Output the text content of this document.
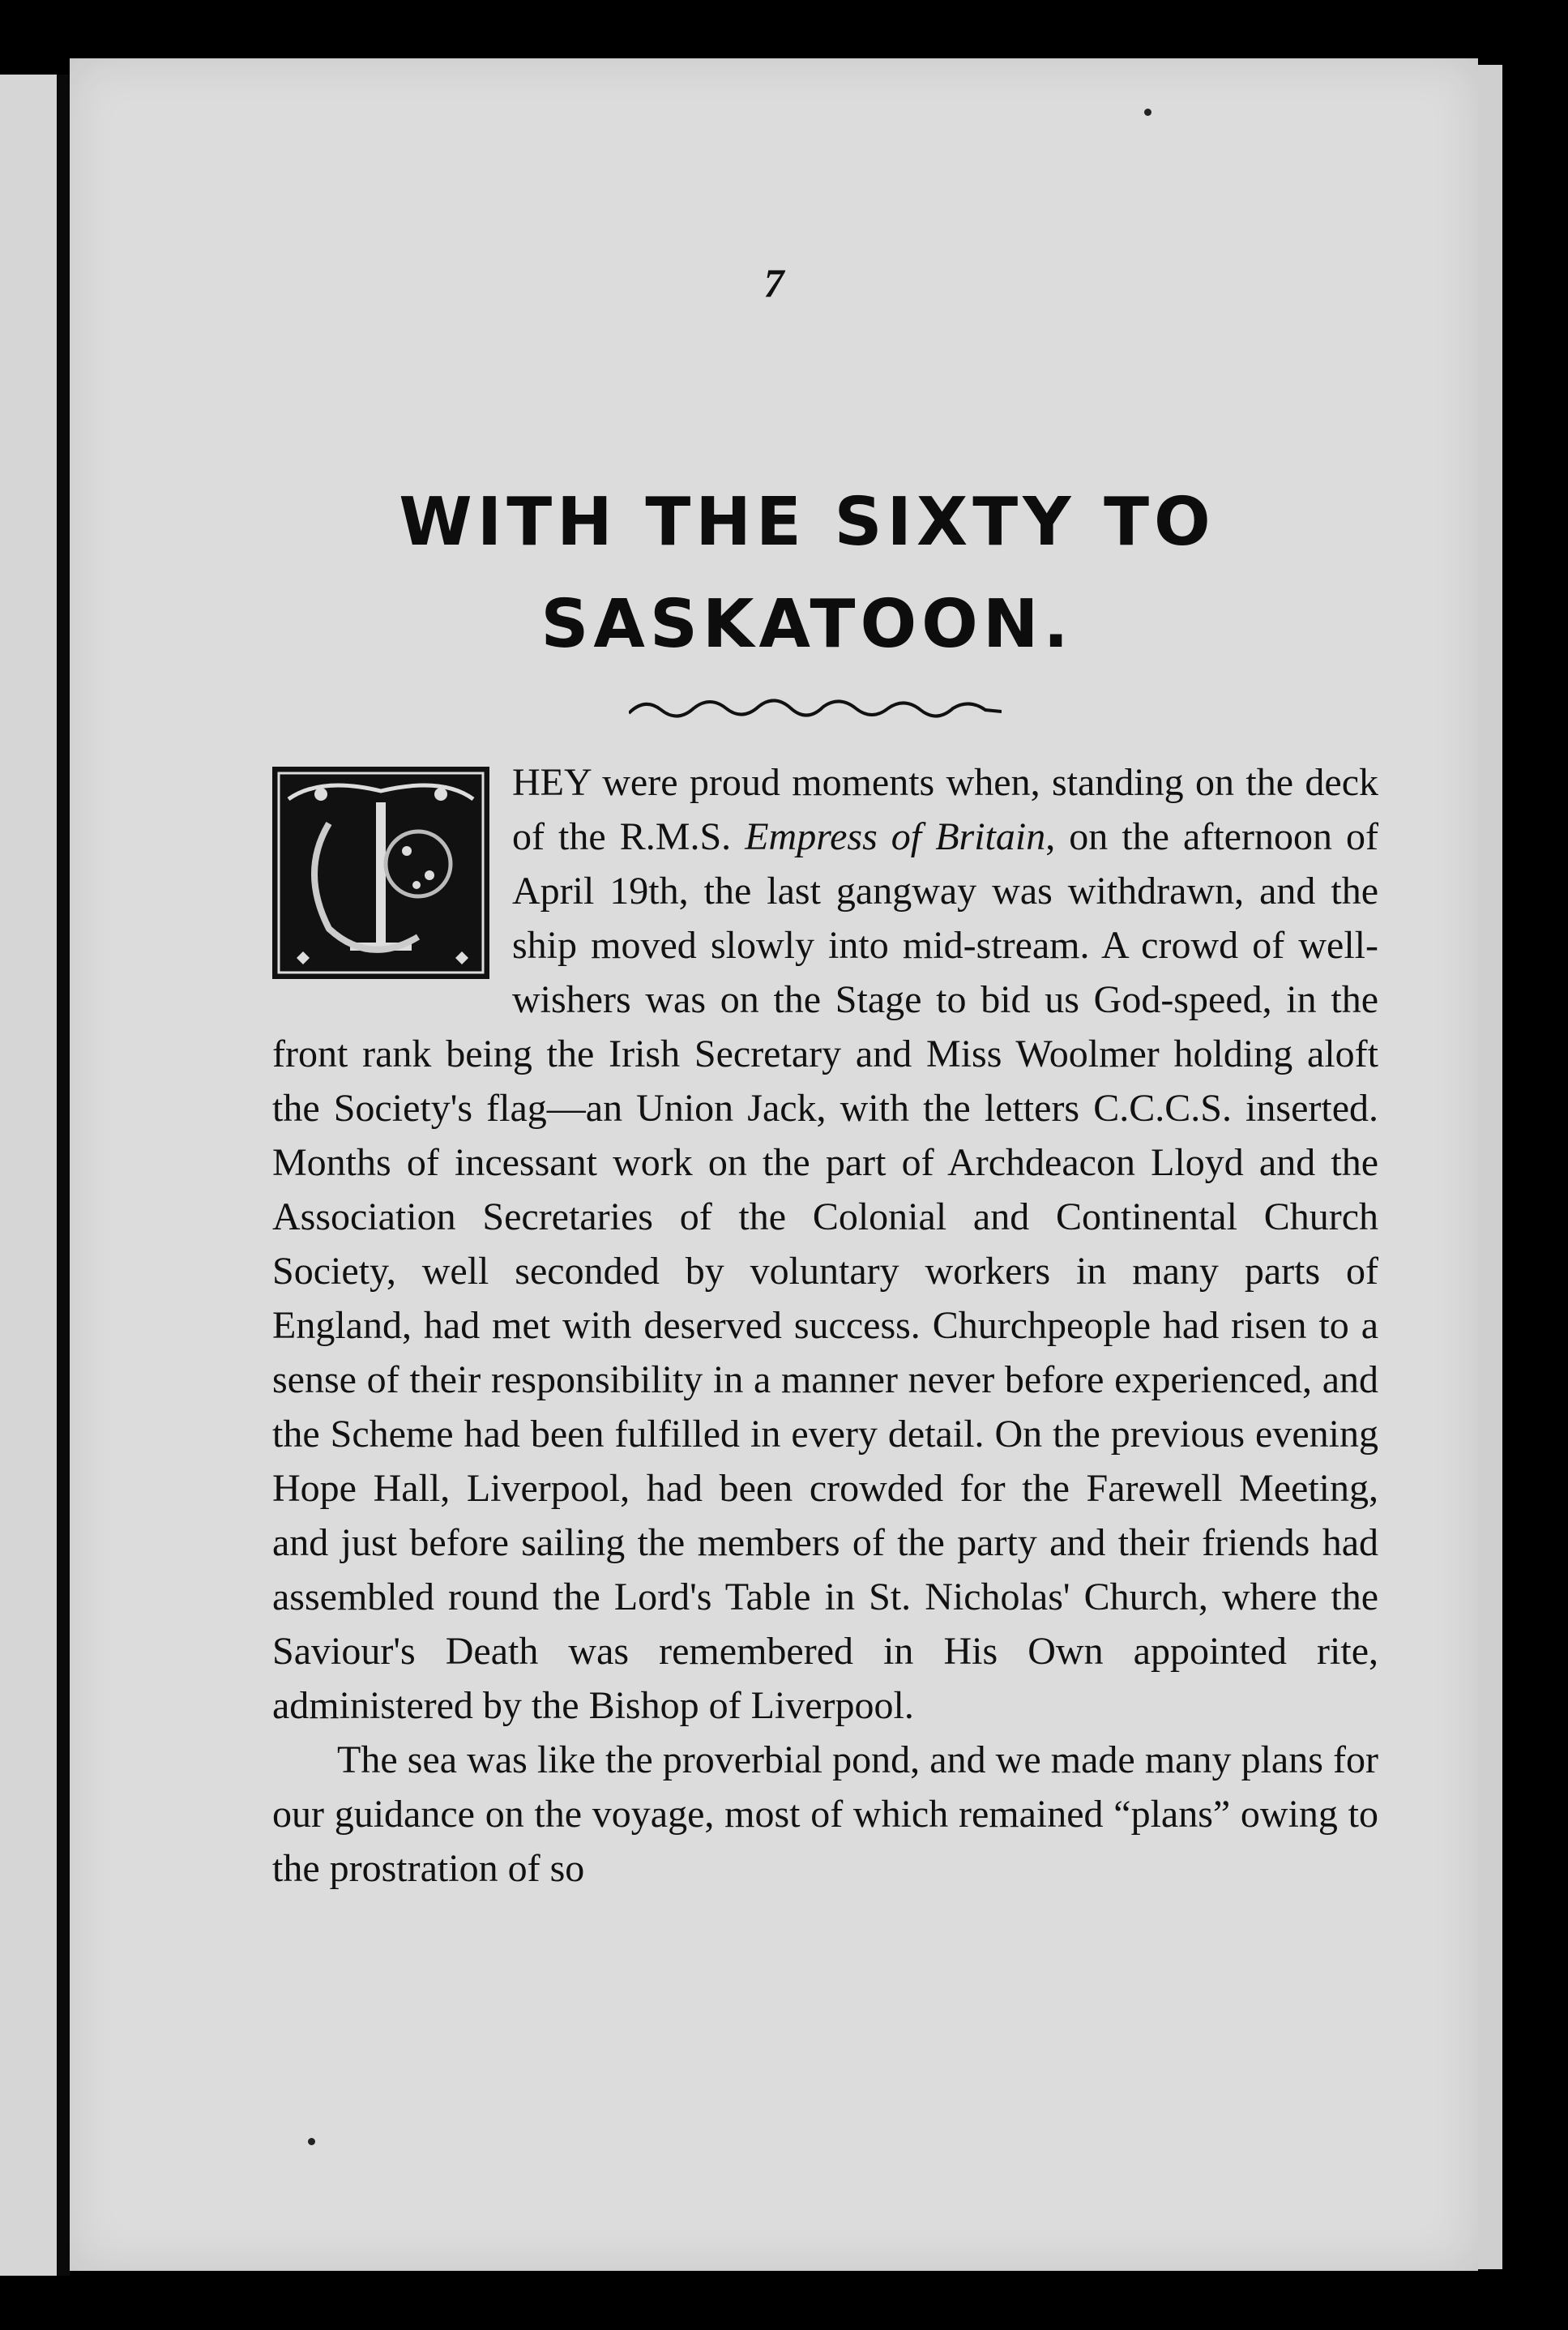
7
WITH THE SIXTY TO
SASKATOON.

HEY were proud moments when, standing on the deck of the R.M.S. Empress of Britain, on the afternoon of April 19th, the last gangway was withdrawn, and the ship moved slowly into mid-stream. A crowd of well-wishers was on the Stage to bid us God-speed, in the front rank being the Irish Secretary and Miss Woolmer holding aloft the Society's flag—an Union Jack, with the letters C.C.C.S. inserted. Months of incessant work on the part of Archdeacon Lloyd and the Association Secretaries of the Colonial and Continental Church Society, well seconded by voluntary workers in many parts of England, had met with deserved success. Churchpeople had risen to a sense of their responsibility in a manner never before experienced, and the Scheme had been fulfilled in every detail. On the previous evening Hope Hall, Liverpool, had been crowded for the Farewell Meeting, and just before sailing the members of the party and their friends had assembled round the Lord's Table in St. Nicholas' Church, where the Saviour's Death was remembered in His Own appointed rite, administered by the Bishop of Liverpool.

The sea was like the proverbial pond, and we made many plans for our guidance on the voyage, most of which remained “plans” owing to the prostration of so
